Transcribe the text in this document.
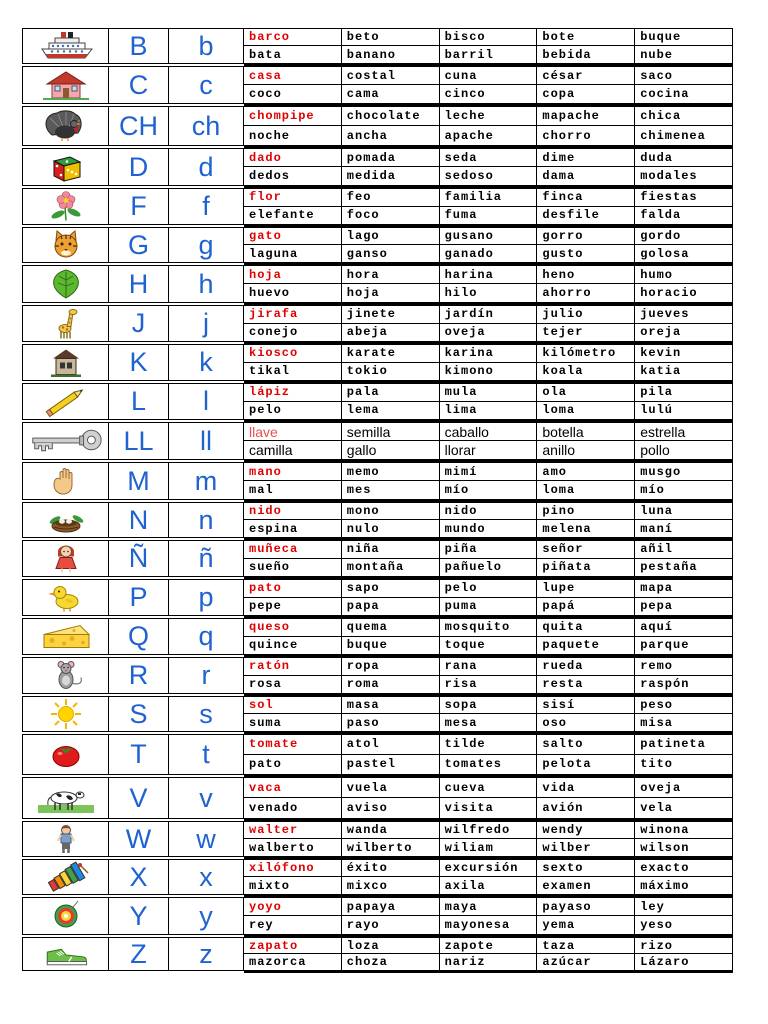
B b	barco	beto	bisco	bote	buque
bata	banano	barril	bebida	nube
C c	casa	costal	cuna	césar	saco
coco	cama	cinco	copa	cocina
CH ch	chompipe	chocolate	leche	mapache	chica
noche	ancha	apache	chorro	chimenea
D d	dado	pomada	seda	dime	duda
dedos	medida	sedoso	dama	modales
F f	flor	feo	familia	finca	fiestas
elefante	foco	fuma	desfile	falda
G g	gato	lago	gusano	gorro	gordo
laguna	ganso	ganado	gusto	golosa
H h	hoja	hora	harina	heno	humo
huevo	hoja	hilo	ahorro	horacio
J j	jirafa	jinete	jardín	julio	jueves
conejo	abeja	oveja	tejer	oreja
K k	kiosco	karate	karina	kilómetro	kevin
tikal	tokio	kimono	koala	katia
L l	lápiz	pala	mula	ola	pila
pelo	lema	lima	loma	lulú
LL ll	llave	semilla	caballo	botella	estrella
camilla	gallo	llorar	anillo	pollo
M m	mano	memo	mimí	amo	musgo
mal	mes	mío	loma	mío
N n	nido	mono	nido	pino	luna
espina	nulo	mundo	melena	maní
Ñ ñ	muñeca	niña	piña	señor	añil
sueño	montaña	pañuelo	piñata	pestaña
P p	pato	sapo	pelo	lupe	mapa
pepe	papa	puma	papá	pepa
Q q	queso	quema	mosquito	quita	aquí
quince	buque	toque	paquete	parque
R r	ratón	ropa	rana	rueda	remo
rosa	roma	risa	resta	raspón
S s	sol	masa	sopa	sisí	peso
suma	paso	mesa	oso	misa
T t	tomate	atol	tilde	salto	patineta
pato	pastel	tomates	pelota	tito
V v	vaca	vuela	cueva	vida	oveja
venado	aviso	visita	avión	vela
W w	walter	wanda	wilfredo	wendy	winona
walberto	wilberto	wiliam	wilber	wilson
X x	xilófono	éxito	excursión	sexto	exacto
mixto	mixco	axila	examen	máximo
Y y	yoyo	papaya	maya	payaso	ley
rey	rayo	mayonesa	yema	yeso
Z z	zapato	loza	zapote	taza	rizo
mazorca	choza	nariz	azúcar	Lázaro
